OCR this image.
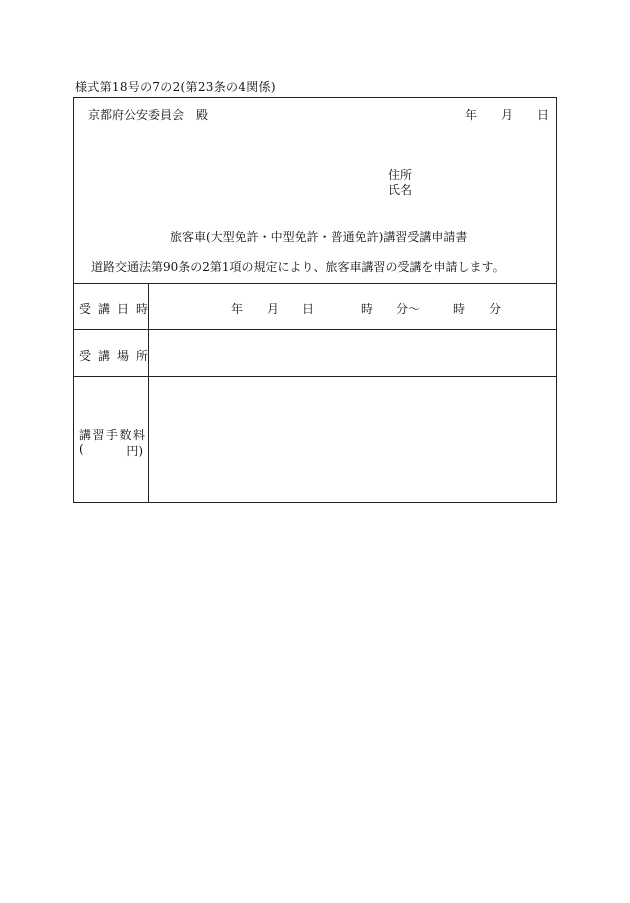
様式第18号の7の2(第23条の4関係)
京都府公安委員会　殿	年 月 日
住所
氏名
旅客車(大型免許・中型免許・普通免許)講習受講申請書
道路交通法第90条の2第1項の規定により、旅客車講習の受講を申請します。
受講日時	年 月 日	時 分〜	時 分
受講場所
講習手数料
(	円)
